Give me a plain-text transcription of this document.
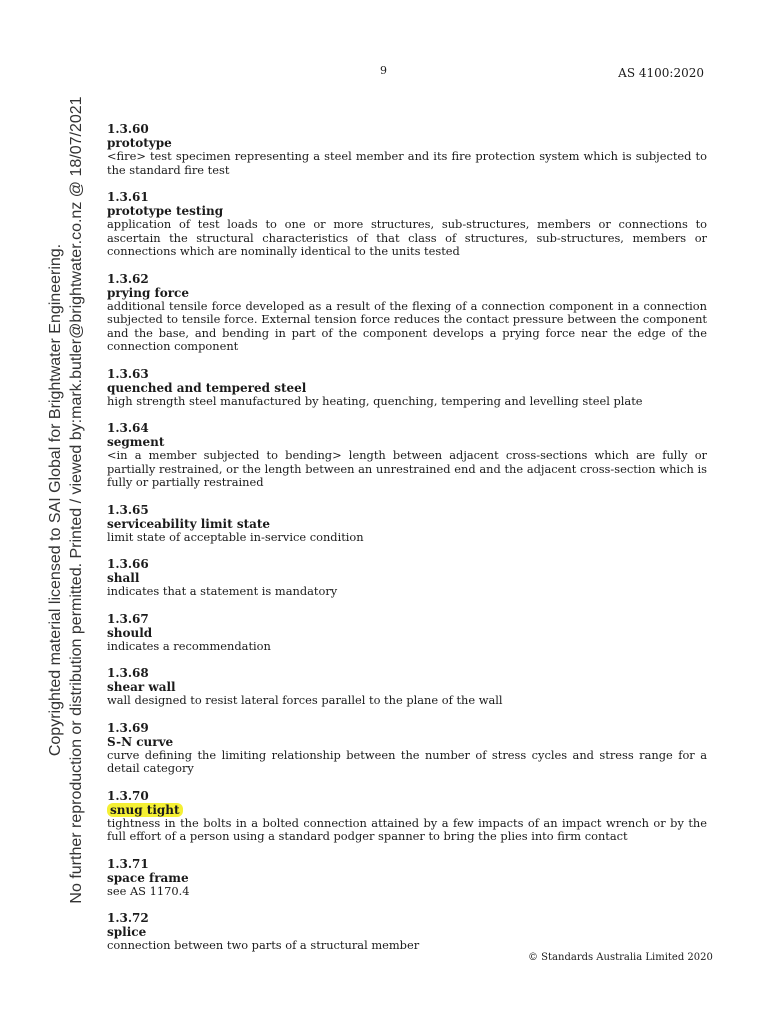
9	AS 4100:2020
Copyrighted material licensed to SAI Global for Brightwater Engineering. No further reproduction or distribution permitted. Printed / viewed by:mark.butler@brightwater.co.nz @ 18/07/2021 1.3.60
prototype
<fire> test specimen representing a steel member and its fire protection system which is subjected to the standard fire test
1.3.61
prototype testing
application of test loads to one or more structures, sub-structures, members or connections to ascertain the structural characteristics of that class of structures, sub-structures, members or connections which are nominally identical to the units tested
1.3.62
prying force
additional tensile force developed as a result of the flexing of a connection component in a connection subjected to tensile force. External tension force reduces the contact pressure between the component and the base, and bending in part of the component develops a prying force near the edge of the connection component
1.3.63
quenched and tempered steel
high strength steel manufactured by heating, quenching, tempering and levelling steel plate
1.3.64
segment
<in a member subjected to bending> length between adjacent cross-sections which are fully or partially restrained, or the length between an unrestrained end and the adjacent cross-section which is fully or partially restrained
1.3.65
serviceability limit state
limit state of acceptable in-service condition
1.3.66
shall
indicates that a statement is mandatory
1.3.67
should
indicates a recommendation
1.3.68
shear wall
wall designed to resist lateral forces parallel to the plane of the wall
1.3.69
S-N curve
curve defining the limiting relationship between the number of stress cycles and stress range for a detail category
1.3.70
snug tight
tightness in the bolts in a bolted connection attained by a few impacts of an impact wrench or by the full effort of a person using a standard podger spanner to bring the plies into firm contact
1.3.71
space frame
see AS 1170.4
1.3.72
splice
connection between two parts of a structural member
© Standards Australia Limited 2020
